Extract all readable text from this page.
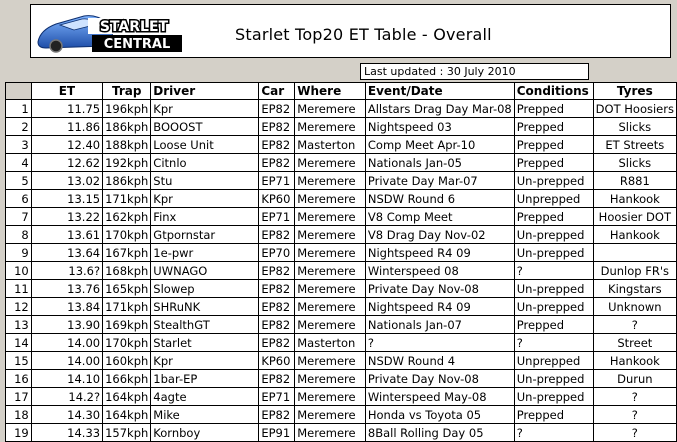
STARLET
CENTRAL
Starlet Top20 ET Table - Overall
Last updated : 30 July 2010
	ET	Trap	Driver	Car	Where	Event/Date	Conditions	Tyres
1	11.75	196kph	Kpr	EP82	Meremere	Allstars Drag Day Mar-08	Prepped	DOT Hoosiers
2	11.86	186kph	BOOOST	EP82	Meremere	Nightspeed 03	Prepped	Slicks
3	12.40	188kph	Loose Unit	EP82	Masterton	Comp Meet Apr-10	Prepped	ET Streets
4	12.62	192kph	Citnlo	EP82	Meremere	Nationals Jan-05	Prepped	Slicks
5	13.02	186kph	Stu	EP71	Meremere	Private Day Mar-07	Un-prepped	R881
6	13.15	171kph	Kpr	KP60	Meremere	NSDW Round 6	Unprepped	Hankook
7	13.22	162kph	Finx	EP71	Meremere	V8 Comp Meet	Prepped	Hoosier DOT
8	13.61	170kph	Gtpornstar	EP82	Meremere	V8 Drag Day Nov-02	Un-prepped	Hankook
9	13.64	167kph	1e-pwr	EP70	Meremere	Nightspeed R4 09	Un-prepped	
10	13.6?	168kph	UWNAGO	EP82	Meremere	Winterspeed 08	?	Dunlop FR's
11	13.76	165kph	Slowep	EP82	Meremere	Private Day Nov-08	Un-prepped	Kingstars
12	13.84	171kph	SHRuNK	EP82	Meremere	Nightspeed R4 09	Un-prepped	Unknown
13	13.90	169kph	StealthGT	EP82	Meremere	Nationals Jan-07	Prepped	?
14	14.00	170kph	Starlet	EP82	Masterton	?	?	Street
15	14.00	160kph	Kpr	KP60	Meremere	NSDW Round 4	Unprepped	Hankook
16	14.10	166kph	1bar-EP	EP82	Meremere	Private Day Nov-08	Un-prepped	Durun
17	14.2?	164kph	4agte	EP71	Meremere	Winterspeed May-08	Un-prepped	?
18	14.30	164kph	Mike	EP82	Meremere	Honda vs Toyota 05	Prepped	?
19	14.33	157kph	Kornboy	EP91	Meremere	8Ball Rolling Day 05	?	?
